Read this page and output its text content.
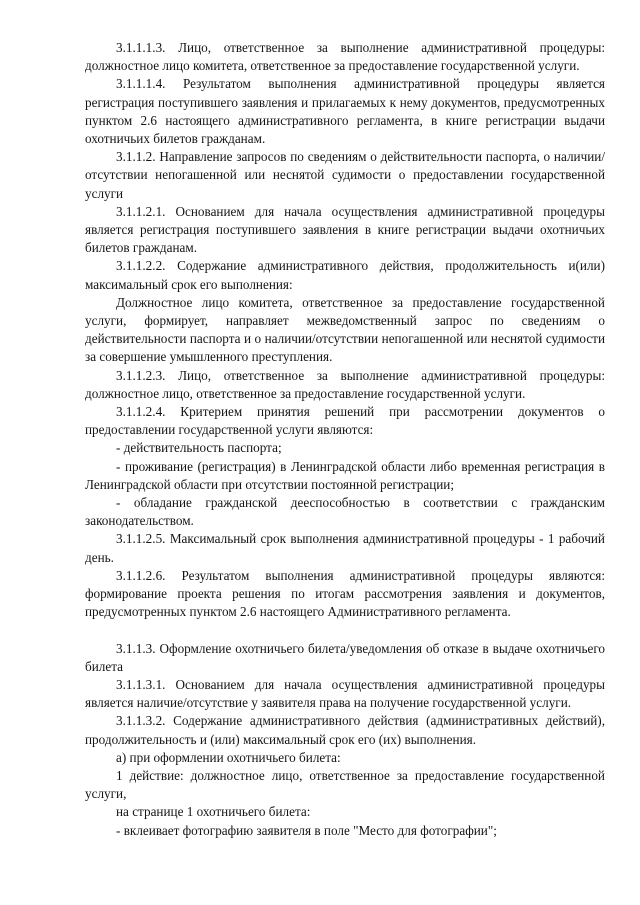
3.1.1.1.3. Лицо, ответственное за выполнение административной процедуры: должностное лицо комитета, ответственное за предоставление государственной услуги.

3.1.1.1.4. Результатом выполнения административной процедуры является регистрация поступившего заявления и прилагаемых к нему документов, предусмотренных пунктом 2.6 настоящего административного регламента, в книге регистрации выдачи охотничьих билетов гражданам.

3.1.1.2. Направление запросов по сведениям о действительности паспорта, о наличии/отсутствии непогашенной или неснятой судимости о предоставлении государственной услуги

3.1.1.2.1. Основанием для начала осуществления административной процедуры является регистрация поступившего заявления в книге регистрации выдачи охотничьих билетов гражданам.

3.1.1.2.2. Содержание административного действия, продолжительность и(или) максимальный срок его выполнения:

Должностное лицо комитета, ответственное за предоставление государственной услуги, формирует, направляет межведомственный запрос по сведениям о действительности паспорта и о наличии/отсутствии непогашенной или неснятой судимости за совершение умышленного преступления.

3.1.1.2.3. Лицо, ответственное за выполнение административной процедуры: должностное лицо, ответственное за предоставление государственной услуги.

3.1.1.2.4. Критерием принятия решений при рассмотрении документов о предоставлении государственной услуги являются:

- действительность паспорта;

- проживание (регистрация) в Ленинградской области либо временная регистрация в Ленинградской области при отсутствии постоянной регистрации;

- обладание гражданской дееспособностью в соответствии с гражданским законодательством.

3.1.1.2.5. Максимальный срок выполнения административной процедуры - 1 рабочий день.

3.1.1.2.6. Результатом выполнения административной процедуры являются: формирование проекта решения по итогам рассмотрения заявления и документов, предусмотренных пунктом 2.6 настоящего Административного регламента.

3.1.1.3. Оформление охотничьего билета/уведомления об отказе в выдаче охотничьего билета

3.1.1.3.1. Основанием для начала осуществления административной процедуры является наличие/отсутствие у заявителя права на получение государственной услуги.

3.1.1.3.2. Содержание административного действия (административных действий), продолжительность и (или) максимальный срок его (их) выполнения.

а) при оформлении охотничьего билета:

1 действие: должностное лицо, ответственное за предоставление государственной услуги,

на странице 1 охотничьего билета:

- вклеивает фотографию заявителя в поле "Место для фотографии";
